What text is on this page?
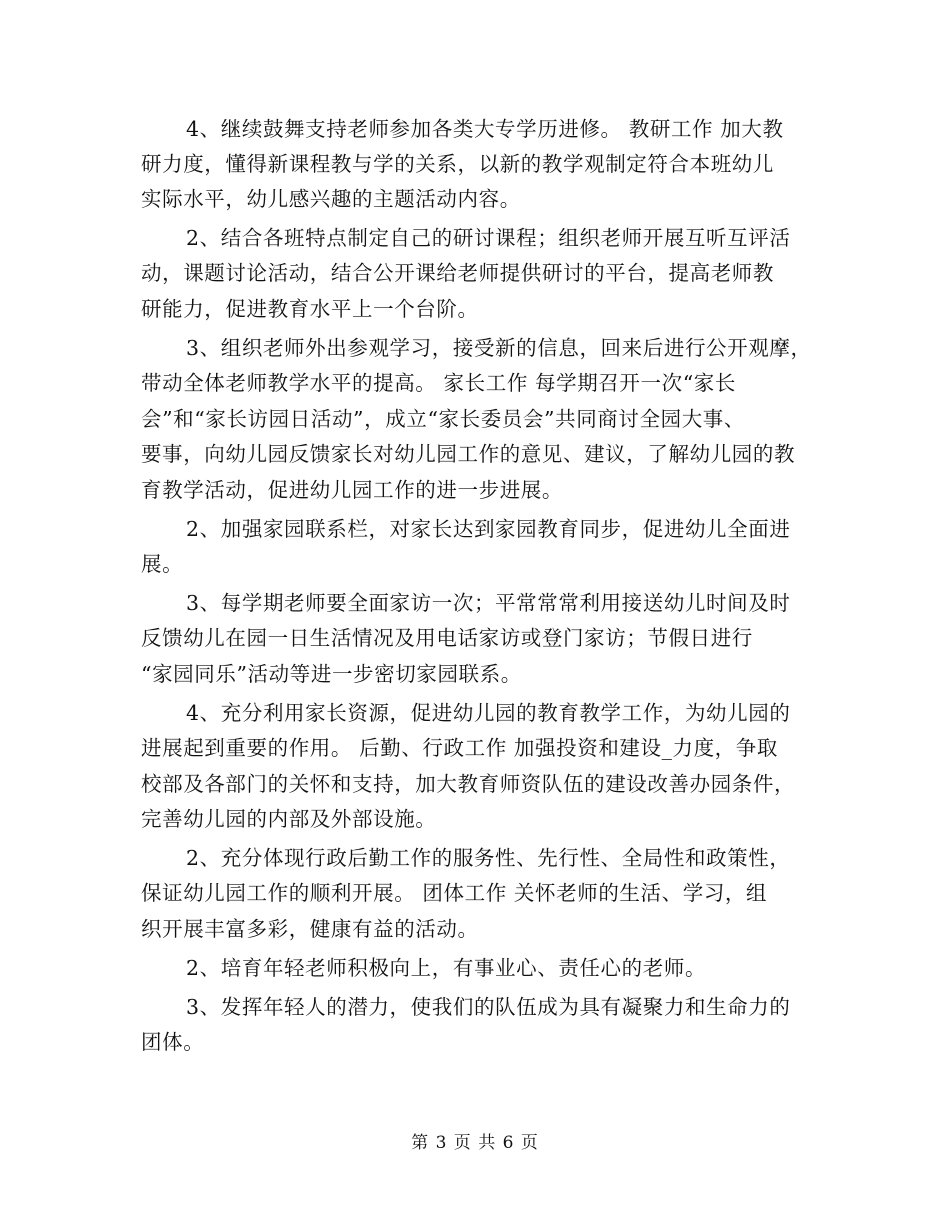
4、继续鼓舞支持老师参加各类大专学历进修。 教研工作 加大教
研力度，懂得新课程教与学的关系，以新的教学观制定符合本班幼儿
实际水平，幼儿感兴趣的主题活动内容。
2、结合各班特点制定自己的研讨课程；组织老师开展互听互评活
动，课题讨论活动，结合公开课给老师提供研讨的平台，提高老师教
研能力，促进教育水平上一个台阶。
3、组织老师外出参观学习，接受新的信息，回来后进行公开观摩，
带动全体老师教学水平的提高。 家长工作 每学期召开一次“家长
会”和“家长访园日活动”，成立“家长委员会”共同商讨全园大事、
要事，向幼儿园反馈家长对幼儿园工作的意见、建议，了解幼儿园的教
育教学活动，促进幼儿园工作的进一步进展。
2、加强家园联系栏，对家长达到家园教育同步，促进幼儿全面进
展。
3、每学期老师要全面家访一次；平常常常利用接送幼儿时间及时
反馈幼儿在园一日生活情况及用电话家访或登门家访；节假日进行
“家园同乐”活动等进一步密切家园联系。
4、充分利用家长资源，促进幼儿园的教育教学工作，为幼儿园的
进展起到重要的作用。 后勤、行政工作 加强投资和建设_力度，争取
校部及各部门的关怀和支持，加大教育师资队伍的建设改善办园条件，
完善幼儿园的内部及外部设施。
2、充分体现行政后勤工作的服务性、先行性、全局性和政策性，
保证幼儿园工作的顺利开展。 团体工作 关怀老师的生活、学习，组
织开展丰富多彩，健康有益的活动。
2、培育年轻老师积极向上，有事业心、责任心的老师。
3、发挥年轻人的潜力，使我们的队伍成为具有凝聚力和生命力的
团体。
第 3 页 共 6 页
